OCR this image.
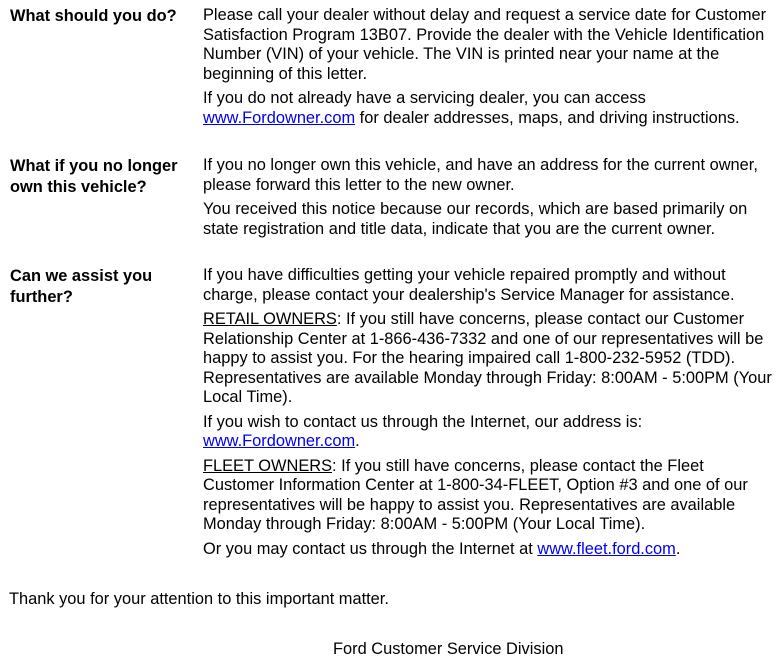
What should you do?	Please call your dealer without delay and request a service date for Customer Satisfaction Program 13B07. Provide the dealer with the Vehicle Identification Number (VIN) of your vehicle. The VIN is printed near your name at the beginning of this letter.

If you do not already have a servicing dealer, you can access www.Fordowner.com for dealer addresses, maps, and driving instructions.

What if you no longer own this vehicle?

If you no longer own this vehicle, and have an address for the current owner, please forward this letter to the new owner.

You received this notice because our records, which are based primarily on state registration and title data, indicate that you are the current owner.

Can we assist you further?

If you have difficulties getting your vehicle repaired promptly and without charge, please contact your dealership's Service Manager for assistance.

RETAIL OWNERS: If you still have concerns, please contact our Customer Relationship Center at 1-866-436-7332 and one of our representatives will be happy to assist you. For the hearing impaired call 1-800-232-5952 (TDD). Representatives are available Monday through Friday: 8:00AM - 5:00PM (Your Local Time).

If you wish to contact us through the Internet, our address is: www.Fordowner.com.

FLEET OWNERS: If you still have concerns, please contact the Fleet Customer Information Center at 1-800-34-FLEET, Option #3 and one of our representatives will be happy to assist you. Representatives are available Monday through Friday: 8:00AM - 5:00PM (Your Local Time).

Or you may contact us through the Internet at www.fleet.ford.com.

Thank you for your attention to this important matter.

Ford Customer Service Division
